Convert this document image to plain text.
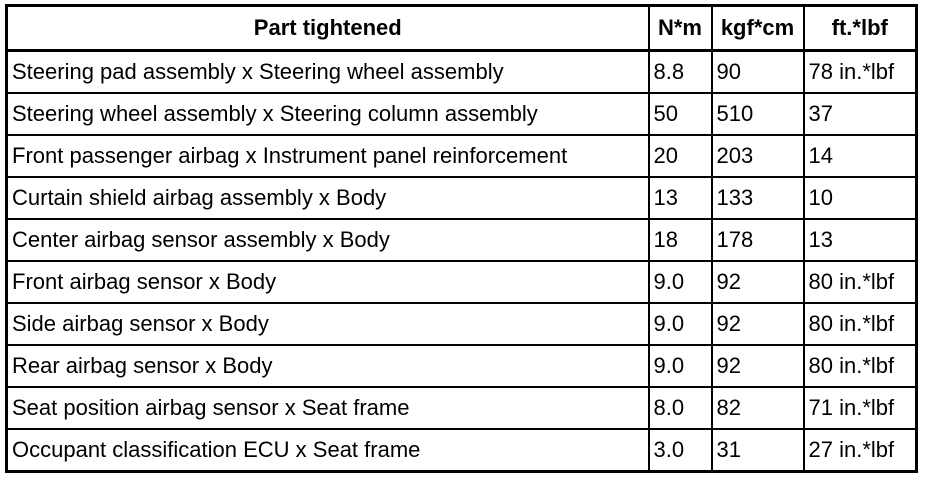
Part tightened	N*m	kgf*cm	ft.*lbf
Steering pad assembly x Steering wheel assembly	8.8	90	78 in.*lbf
Steering wheel assembly x Steering column assembly	50	510	37
Front passenger airbag x Instrument panel reinforcement	20	203	14
Curtain shield airbag assembly x Body	13	133	10
Center airbag sensor assembly x Body	18	178	13
Front airbag sensor x Body	9.0	92	80 in.*lbf
Side airbag sensor x Body	9.0	92	80 in.*lbf
Rear airbag sensor x Body	9.0	92	80 in.*lbf
Seat position airbag sensor x Seat frame	8.0	82	71 in.*lbf
Occupant classification ECU x Seat frame	3.0	31	27 in.*lbf
